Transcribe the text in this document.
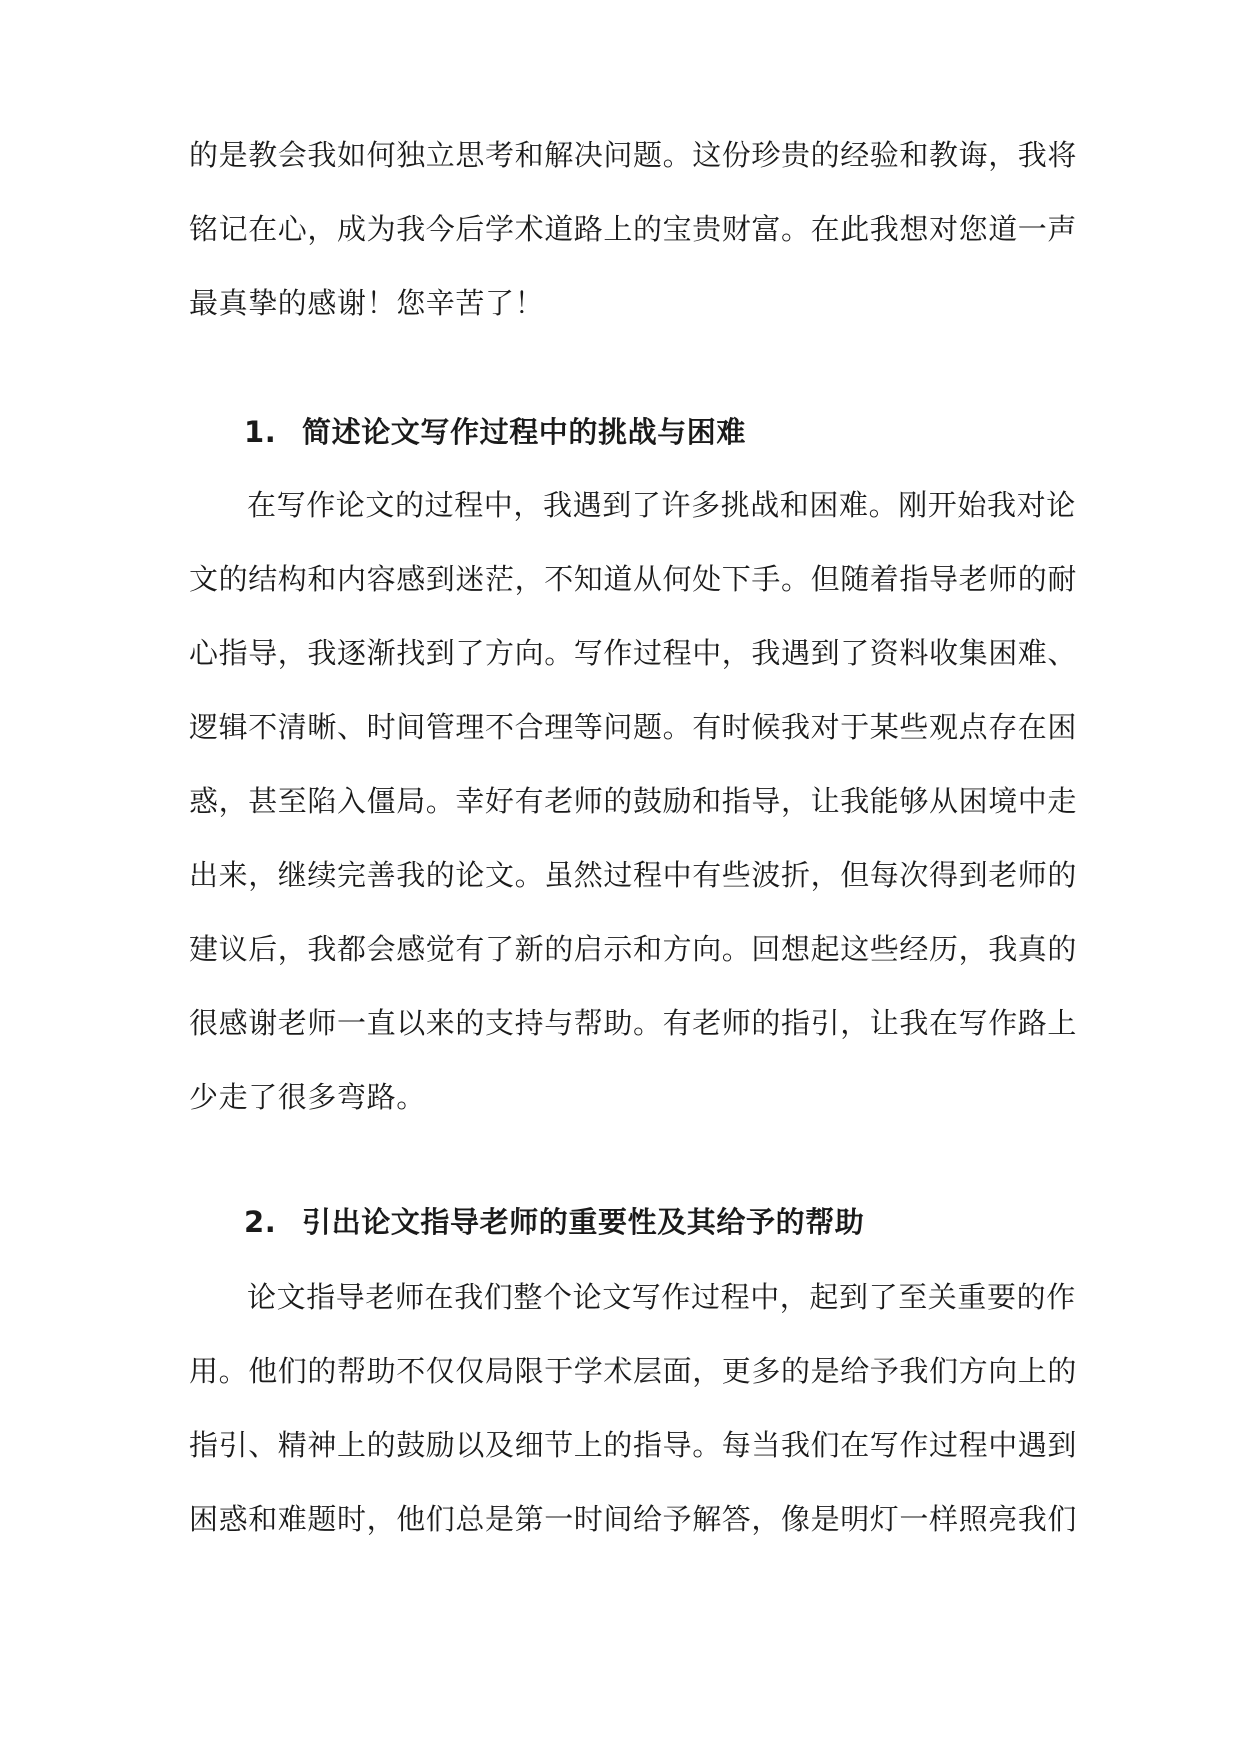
的是教会我如何独立思考和解决问题。这份珍贵的经验和教诲，我将
铭记在心，成为我今后学术道路上的宝贵财富。在此我想对您道一声
最真挚的感谢！您辛苦了！
1. 简述论文写作过程中的挑战与困难
在写作论文的过程中，我遇到了许多挑战和困难。刚开始我对论
文的结构和内容感到迷茫，不知道从何处下手。但随着指导老师的耐
心指导，我逐渐找到了方向。写作过程中，我遇到了资料收集困难、
逻辑不清晰、时间管理不合理等问题。有时候我对于某些观点存在困
惑，甚至陷入僵局。幸好有老师的鼓励和指导，让我能够从困境中走
出来，继续完善我的论文。虽然过程中有些波折，但每次得到老师的
建议后，我都会感觉有了新的启示和方向。回想起这些经历，我真的
很感谢老师一直以来的支持与帮助。有老师的指引，让我在写作路上
少走了很多弯路。
2. 引出论文指导老师的重要性及其给予的帮助
论文指导老师在我们整个论文写作过程中，起到了至关重要的作
用。他们的帮助不仅仅局限于学术层面，更多的是给予我们方向上的
指引、精神上的鼓励以及细节上的指导。每当我们在写作过程中遇到
困惑和难题时，他们总是第一时间给予解答，像是明灯一样照亮我们
